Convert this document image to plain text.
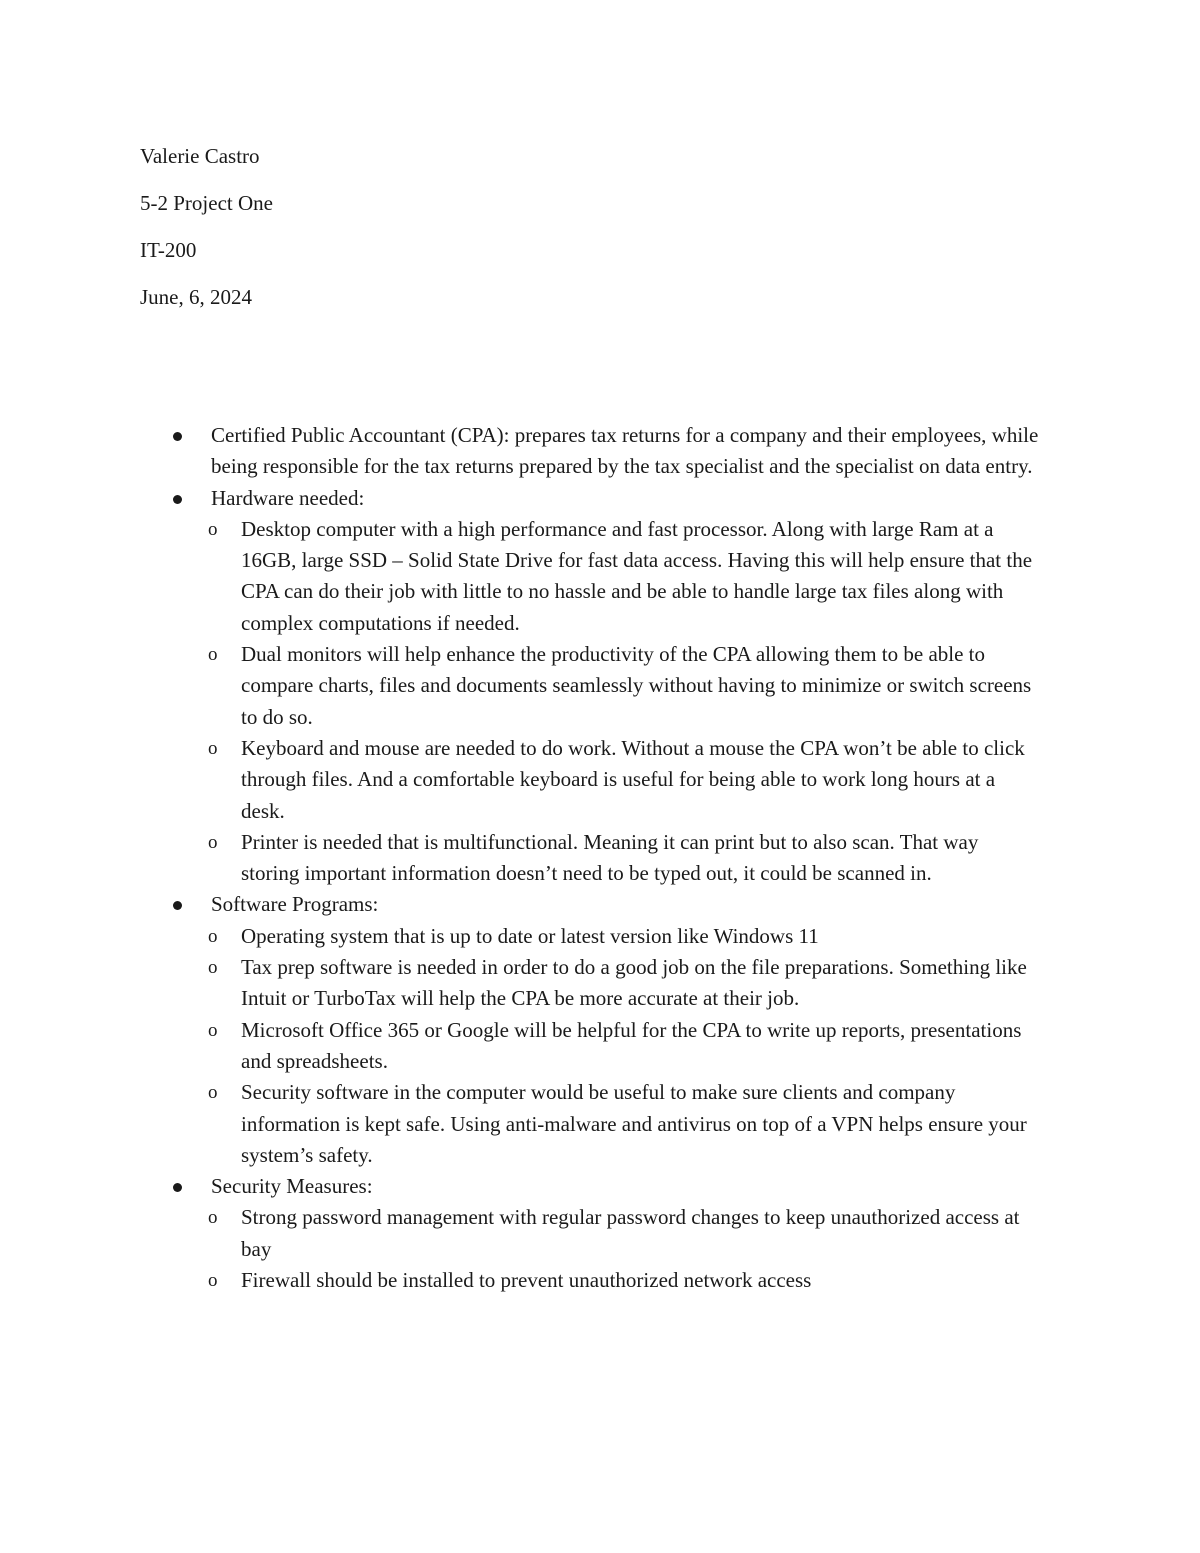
Valerie Castro
5-2 Project One
IT-200
June, 6, 2024
Certified Public Accountant (CPA): prepares tax returns for a company and their employees, while being responsible for the tax returns prepared by the tax specialist and the specialist on data entry.
Hardware needed:
o Desktop computer with a high performance and fast processor. Along with large Ram at a 16GB, large SSD – Solid State Drive for fast data access. Having this will help ensure that the CPA can do their job with little to no hassle and be able to handle large tax files along with complex computations if needed.
o Dual monitors will help enhance the productivity of the CPA allowing them to be able to compare charts, files and documents seamlessly without having to minimize or switch screens to do so.
o Keyboard and mouse are needed to do work. Without a mouse the CPA won’t be able to click through files. And a comfortable keyboard is useful for being able to work long hours at a desk.
o Printer is needed that is multifunctional. Meaning it can print but to also scan. That way storing important information doesn’t need to be typed out, it could be scanned in.
Software Programs:
o Operating system that is up to date or latest version like Windows 11
o Tax prep software is needed in order to do a good job on the file preparations. Something like Intuit or TurboTax will help the CPA be more accurate at their job.
o Microsoft Office 365 or Google will be helpful for the CPA to write up reports, presentations and spreadsheets.
o Security software in the computer would be useful to make sure clients and company information is kept safe. Using anti-malware and antivirus on top of a VPN helps ensure your system’s safety.
Security Measures:
o Strong password management with regular password changes to keep unauthorized access at bay
o Firewall should be installed to prevent unauthorized network access
